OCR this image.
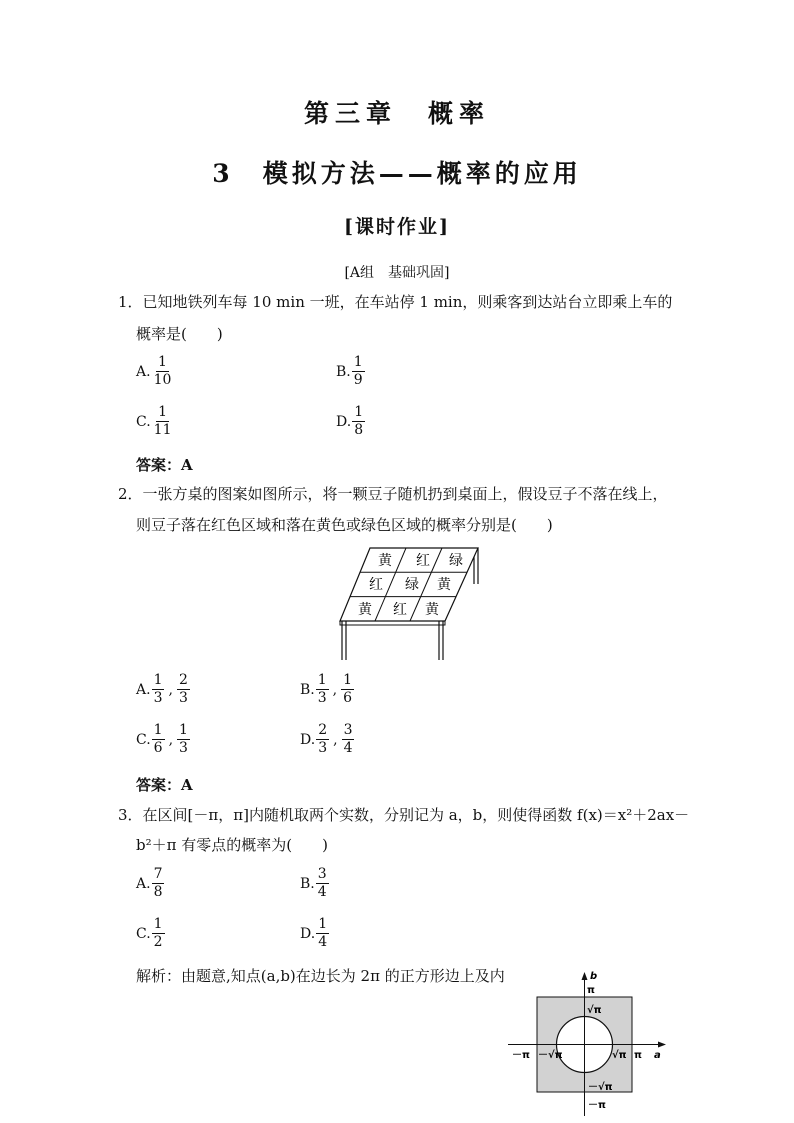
第三章　概率
3　模拟方法——概率的应用
[课时作业]
[A组　基础巩固]
1．已知地铁列车每 10 min 一班，在车站停 1 min，则乘客到达站台立即乘上车的
概率是(　　)
A. $\frac{1}{10}$	B. $\frac{1}{9}$
C. $\frac{1}{11}$	D. $\frac{1}{8}$
答案：A
2．一张方桌的图案如图所示，将一颗豆子随机扔到桌面上，假设豆子不落在线上，
则豆子落在红色区域和落在黄色或绿色区域的概率分别是(　　)
黄 红 绿
红 绿 黄
黄 红 黄
A. $\frac{1}{3}$ , $\frac{2}{3}$	B. $\frac{1}{3}$ , $\frac{1}{6}$
C. $\frac{1}{6}$ , $\frac{1}{3}$	D. $\frac{2}{3}$ , $\frac{3}{4}$
答案：A
3．在区间[－π，π]内随机取两个实数，分别记为 a，b，则使得函数 f(x)＝x²＋2ax－
b²＋π 有零点的概率为(　　)
A. $\frac{7}{8}$	B. $\frac{3}{4}$
C. $\frac{1}{2}$	D. $\frac{1}{4}$
解析：由题意,知点(a,b)在边长为 2π 的正方形边上及内	b
a
π
√π
－π －√π	√π π
－√π
－π
